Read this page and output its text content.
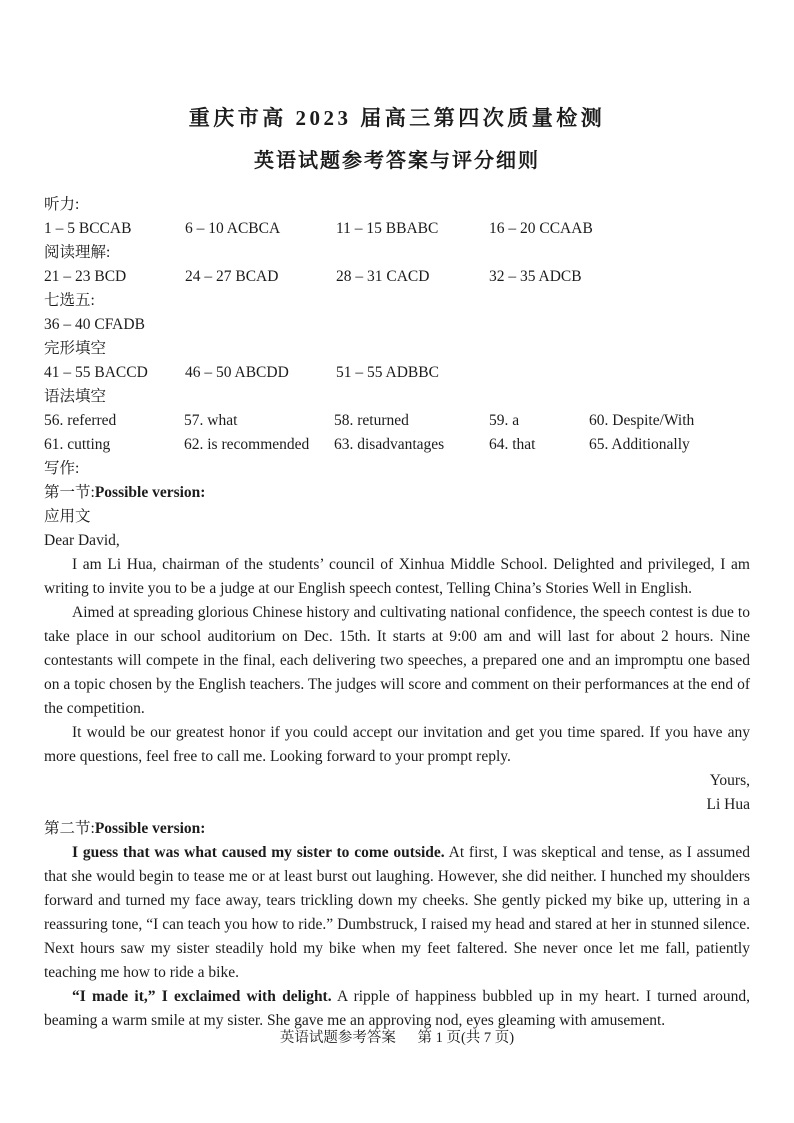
重庆市高 2023 届高三第四次质量检测
英语试题参考答案与评分细则
听力:
1 – 5 BCCAB	6 – 10 ACBCA	11 – 15 BBABC	16 – 20 CCAAB
阅读理解:
21 – 23 BCD	24 – 27 BCAD	28 – 31 CACD	32 – 35 ADCB
七选五:
36 – 40 CFADB
完形填空
41 – 55 BACCD	46 – 50 ABCDD	51 – 55 ADBBC
语法填空
56. referred	57. what	58. returned	59. a	60. Despite/With
61. cutting	62. is recommended	63. disadvantages	64. that	65. Additionally
写作:

第一节:Possible version:

应用文

Dear David,

I am Li Hua, chairman of the students’ council of Xinhua Middle School. Delighted and privileged, I am writing to invite you to be a judge at our English speech contest, Telling China’s Stories Well in English.

Aimed at spreading glorious Chinese history and cultivating national confidence, the speech contest is due to take place in our school auditorium on Dec. 15th. It starts at 9:00 am and will last for about 2 hours. Nine contestants will compete in the final, each delivering two speeches, a prepared one and an impromptu one based on a topic chosen by the English teachers. The judges will score and comment on their performances at the end of the competition.

It would be our greatest honor if you could accept our invitation and get you time spared. If you have any more questions, feel free to call me. Looking forward to your prompt reply.

Yours,

Li Hua

第二节:Possible version:

I guess that was what caused my sister to come outside. At first, I was skeptical and tense, as I assumed that she would begin to tease me or at least burst out laughing. However, she did neither. I hunched my shoulders forward and turned my face away, tears trickling down my cheeks. She gently picked my bike up, uttering in a reassuring tone, “I can teach you how to ride.” Dumbstruck, I raised my head and stared at her in stunned silence. Next hours saw my sister steadily hold my bike when my feet faltered. She never once let me fall, patiently teaching me how to ride a bike.

“I made it,” I exclaimed with delight. A ripple of happiness bubbled up in my heart. I turned around, beaming a warm smile at my sister. She gave me an approving nod, eyes gleaming with amusement.

英语试题参考答案 第 1 页(共 7 页)
